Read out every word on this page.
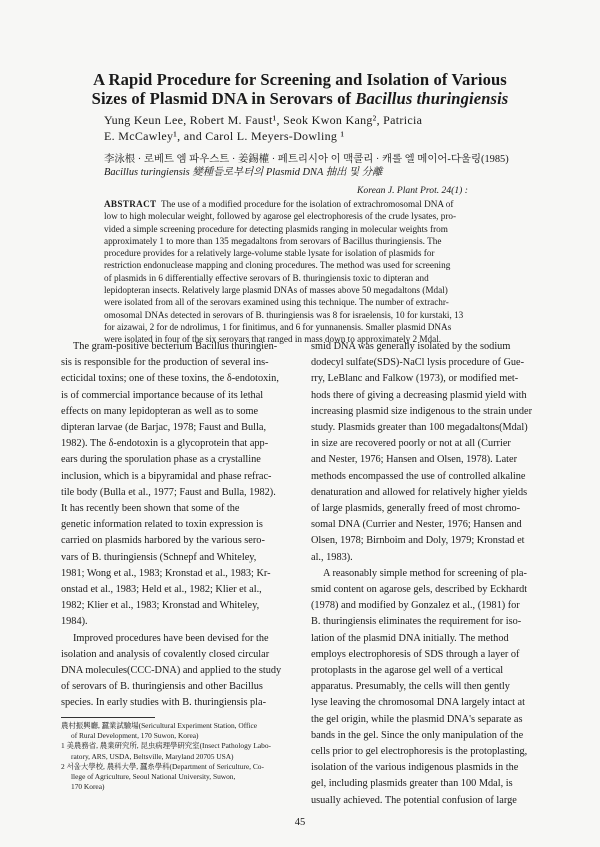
A Rapid Procedure for Screening and Isolation of Various
Sizes of Plasmid DNA in Serovars of Bacillus thuringiensis
Yung Keun Lee, Robert M. Faust¹, Seok Kwon Kang², Patricia
E. McCawley¹, and Carol L. Meyers-Dowling ¹
李泳根 · 로베트 엠 파우스트 · 姜錫權 · 페트리시아 이 맥콜리 · 캐롤 엘 메이어-다울링(1985)
Bacillus turingiensis 變種들로부터의 Plasmid DNA 抽出 및 分離
Korean J. Plant Prot. 24(1) :
ABSTRACT The use of a modified procedure for the isolation of extrachromosomal DNA of
low to high molecular weight, followed by agarose gel electrophoresis of the crude lysates, pro-
vided a simple screening procedure for detecting plasmids ranging in molecular weights from
approximately 1 to more than 135 megadaltons from serovars of Bacillus thuringiensis. The
procedure provides for a relatively large-volume stable lysate for isolation of plasmids for
restriction endonuclease mapping and cloning procedures. The method was used for screening
of plasmids in 6 differentially effective serovars of B. thuringiensis toxic to dipteran and
lepidopteran insects. Relatively large plasmid DNAs of masses above 50 megadaltons (Mdal)
were isolated from all of the serovars examined using this technique. The number of extrachr-
omosomal DNAs detected in serovars of B. thuringiensis was 8 for israelensis, 10 for kurstaki, 13
for aizawai, 2 for de ndrolimus, 1 for finitimus, and 6 for yunnanensis. Smaller plasmid DNAs
were isolated in four of the six serovars that ranged in mass down to approximately 2 Mdal.
The gram-positive becterium Bacillus thuringien-
sis is responsible for the production of several ins-
ecticidal toxins; one of these toxins, the δ-endotoxin,
is of commercial importance because of its lethal
effects on many lepidopteran as well as to some
dipteran larvae (de Barjac, 1978; Faust and Bulla,
1982). The δ-endotoxin is a glycoprotein that app-
ears during the sporulation phase as a crystalline
inclusion, which is a bipyramidal and phase refrac-
tile body (Bulla et al., 1977; Faust and Bulla, 1982).
It has recently been shown that some of the
genetic information related to toxin expression is
carried on plasmids harbored by the various sero-
vars of B. thuringiensis (Schnepf and Whiteley,
1981; Wong et al., 1983; Kronstad et al., 1983; Kr-
onstad et al., 1983; Held et al., 1982; Klier et al.,
1982; Klier et al., 1983; Kronstad and Whiteley,
1984).
Improved procedures have been devised for the
isolation and analysis of covalently closed circular
DNA molecules(CCC-DNA) and applied to the study
of serovars of B. thuringiensis and other Bacillus
species. In early studies with B. thuringiensis pla-
smid DNA was generally isolated by the sodium
dodecyl sulfate(SDS)-NaCl lysis procedure of Gue-
rry, LeBlanc and Falkow (1973), or modified met-
hods there of giving a decreasing plasmid yield with
increasing plasmid size indigenous to the strain under
study. Plasmids greater than 100 megadaltons(Mdal)
in size are recovered poorly or not at all (Currier
and Nester, 1976; Hansen and Olsen, 1978). Later
methods encompassed the use of controlled alkaline
denaturation and allowed for relatively higher yields
of large plasmids, generally freed of most chromo-
somal DNA (Currier and Nester, 1976; Hansen and
Olsen, 1978; Birnboim and Doly, 1979; Kronstad et
al., 1983).
A reasonably simple method for screening of pla-
smid content on agarose gels, described by Eckhardt
(1978) and modified by Gonzalez et al., (1981) for
B. thuringiensis eliminates the requirement for iso-
lation of the plasmid DNA initially. The method
employs electrophoresis of SDS through a layer of
protoplasts in the agarose gel well of a vertical
apparatus. Presumably, the cells will then gently
lyse leaving the chromosomal DNA largely intact at
the gel origin, while the plasmid DNA's separate as
bands in the gel. Since the only manipulation of the
cells prior to gel electrophoresis is the protoplasting,
isolation of the various indigenous plasmids in the
gel, including plasmids greater than 100 Mdal, is
usually achieved. The potential confusion of large
農村振興廳, 蠶業試驗場(Sericultural Experiment Station, Office
of Rural Development, 170 Suwon, Korea)
1 美農務省, 農業硏究所, 昆虫病理學硏究室(Insect Pathology Labo-
ratory, ARS, USDA, Beltsville, Maryland 20705 USA)
2 서울大學校, 農科大學, 蠶糸學科(Department of Sericulture, Co-
llege of Agriculture, Seoul National University, Suwon,
170 Korea)
45
